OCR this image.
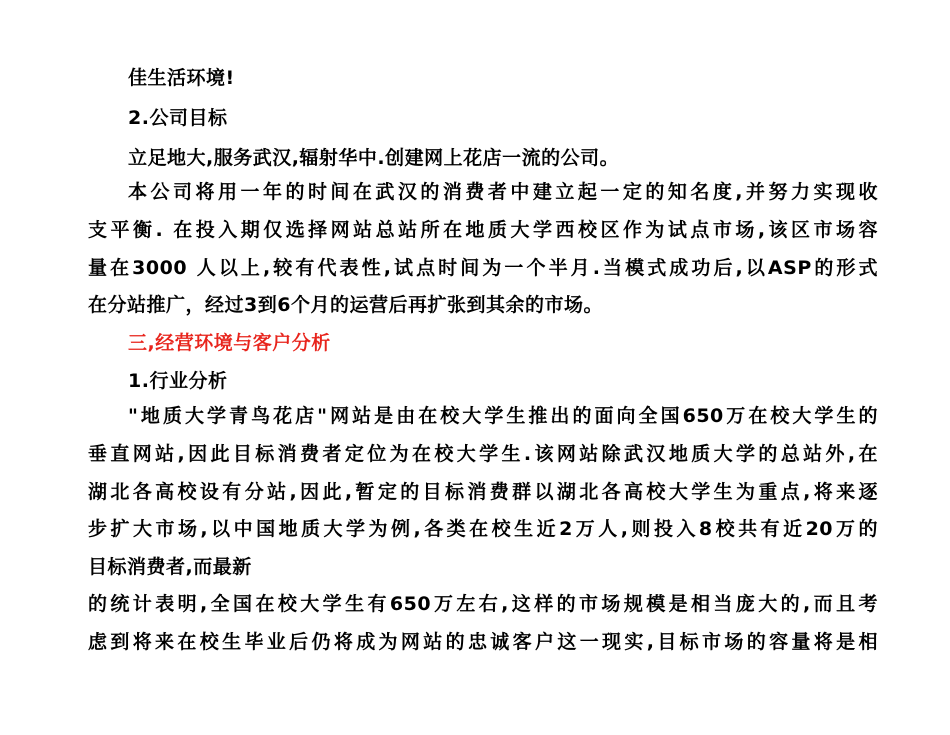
佳生活环境!
2.公司目标
立足地大,服务武汉,辐射华中.创建网上花店一流的公司。
本公司将用一年的时间在武汉的消费者中建立起一定的知名度,并努力实现收
支平衡. 在投入期仅选择网站总站所在地质大学西校区作为试点市场,该区市场容
量在3000 人以上,较有代表性,试点时间为一个半月.当模式成功后,以ASP的形式
在分站推广，经过3到6个月的运营后再扩张到其余的市场。
三,经营环境与客户分析
1.行业分析
"地质大学青鸟花店"网站是由在校大学生推出的面向全国650万在校大学生的
垂直网站,因此目标消费者定位为在校大学生.该网站除武汉地质大学的总站外,在
湖北各高校设有分站,因此,暂定的目标消费群以湖北各高校大学生为重点,将来逐
步扩大市场,以中国地质大学为例,各类在校生近2万人,则投入8校共有近20万的
目标消费者,而最新
的统计表明,全国在校大学生有650万左右,这样的市场规模是相当庞大的,而且考
虑到将来在校生毕业后仍将成为网站的忠诚客户这一现实,目标市场的容量将是相
